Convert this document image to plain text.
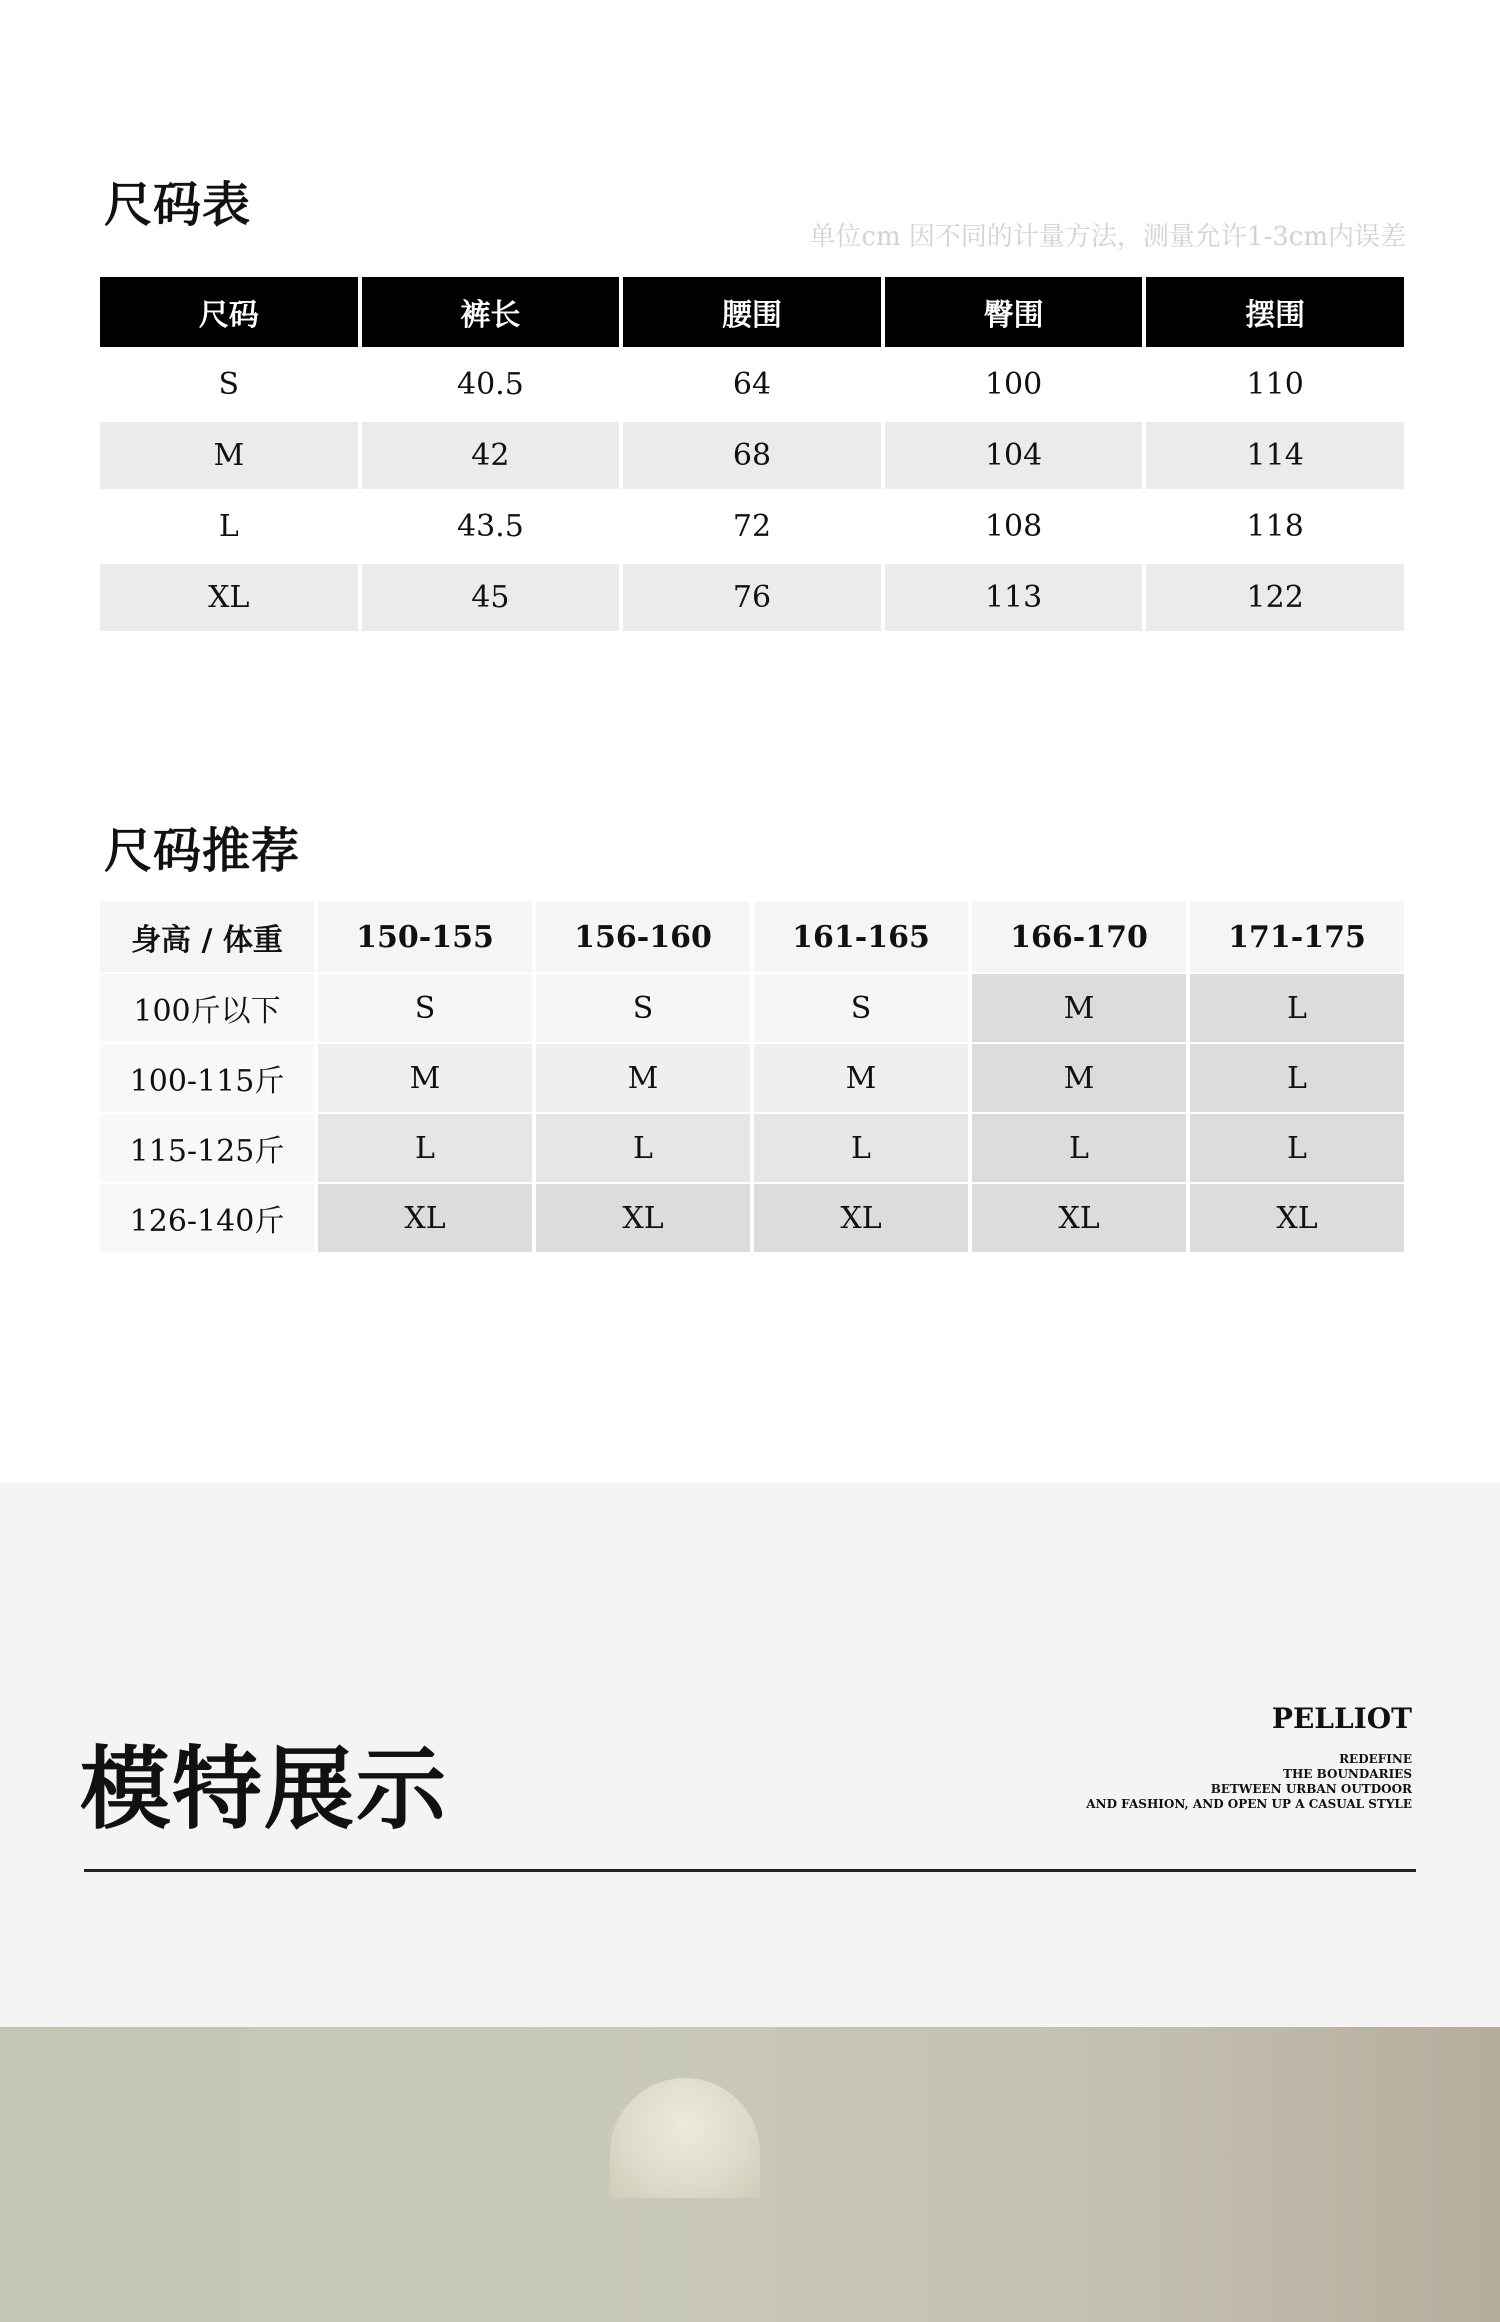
尺码表
单位cm 因不同的计量方法，测量允许1-3cm内误差
尺码	裤长	腰围	臀围	摆围
S	40.5	64	100	110
M	42	68	104	114
L	43.5	72	108	118
XL	45	76	113	122
尺码推荐
身高 / 体重	150-155	156-160	161-165	166-170	171-175
100斤以下	S	S	S	M	L
100-115斤	M	M	M	M	L
115-125斤	L	L	L	L	L
126-140斤	XL	XL	XL	XL	XL
模特展示
PELLIOT
REDEFINE
THE BOUNDARIES
BETWEEN URBAN OUTDOOR
AND FASHION, AND OPEN UP A CASUAL STYLE
